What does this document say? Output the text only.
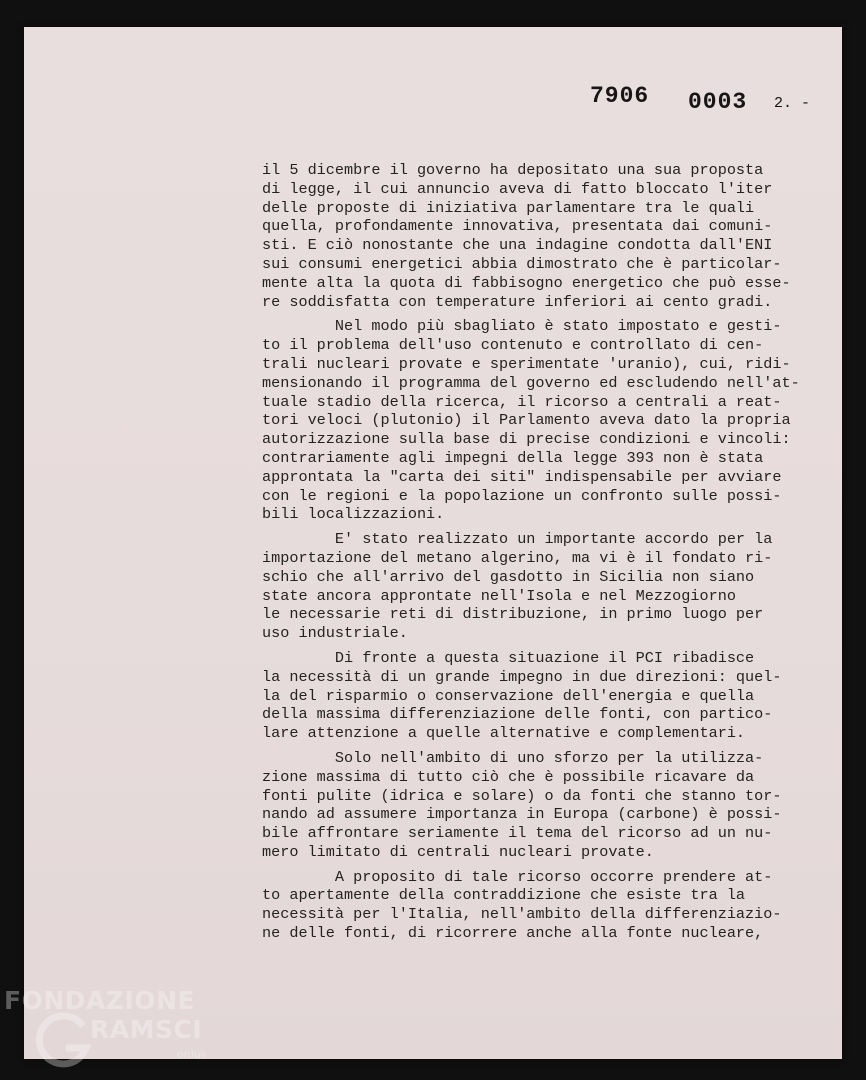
7906 0003 2. -
il 5 dicembre il governo ha depositato una sua proposta
di legge, il cui annuncio aveva di fatto bloccato l'iter
delle proposte di iniziativa parlamentare tra le quali
quella, profondamente innovativa, presentata dai comuni-
sti. E ciò nonostante che una indagine condotta dall'ENI
sui consumi energetici abbia dimostrato che è particolar-
mente alta la quota di fabbisogno energetico che può esse-
re soddisfatta con temperature inferiori ai cento gradi.
Nel modo più sbagliato è stato impostato e gesti-
to il problema dell'uso contenuto e controllato di cen-
trali nucleari provate e sperimentate 'uranio), cui, ridi-
mensionando il programma del governo ed escludendo nell'at-
tuale stadio della ricerca, il ricorso a centrali a reat-
tori veloci (plutonio) il Parlamento aveva dato la propria
autorizzazione sulla base di precise condizioni e vincoli:
contrariamente agli impegni della legge 393 non è stata
approntata la "carta dei siti" indispensabile per avviare
con le regioni e la popolazione un confronto sulle possi-
bili localizzazioni.
E' stato realizzato un importante accordo per la
importazione del metano algerino, ma vi è il fondato ri-
schio che all'arrivo del gasdotto in Sicilia non siano
state ancora approntate nell'Isola e nel Mezzogiorno
le necessarie reti di distribuzione, in primo luogo per
uso industriale.
Di fronte a questa situazione il PCI ribadisce
la necessità di un grande impegno in due direzioni: quel-
la del risparmio o conservazione dell'energia e quella
della massima differenziazione delle fonti, con partico-
lare attenzione a quelle alternative e complementari.
Solo nell'ambito di uno sforzo per la utilizza-
zione massima di tutto ciò che è possibile ricavare da
fonti pulite (idrica e solare) o da fonti che stanno tor-
nando ad assumere importanza in Europa (carbone) è possi-
bile affrontare seriamente il tema del ricorso ad un nu-
mero limitato di centrali nucleari provate.
A proposito di tale ricorso occorre prendere at-
to apertamente della contraddizione che esiste tra la
necessità per l'Italia, nell'ambito della differenziazio-
ne delle fonti, di ricorrere anche alla fonte nucleare,
FONDAZIONE
RAMSCI
onlus
